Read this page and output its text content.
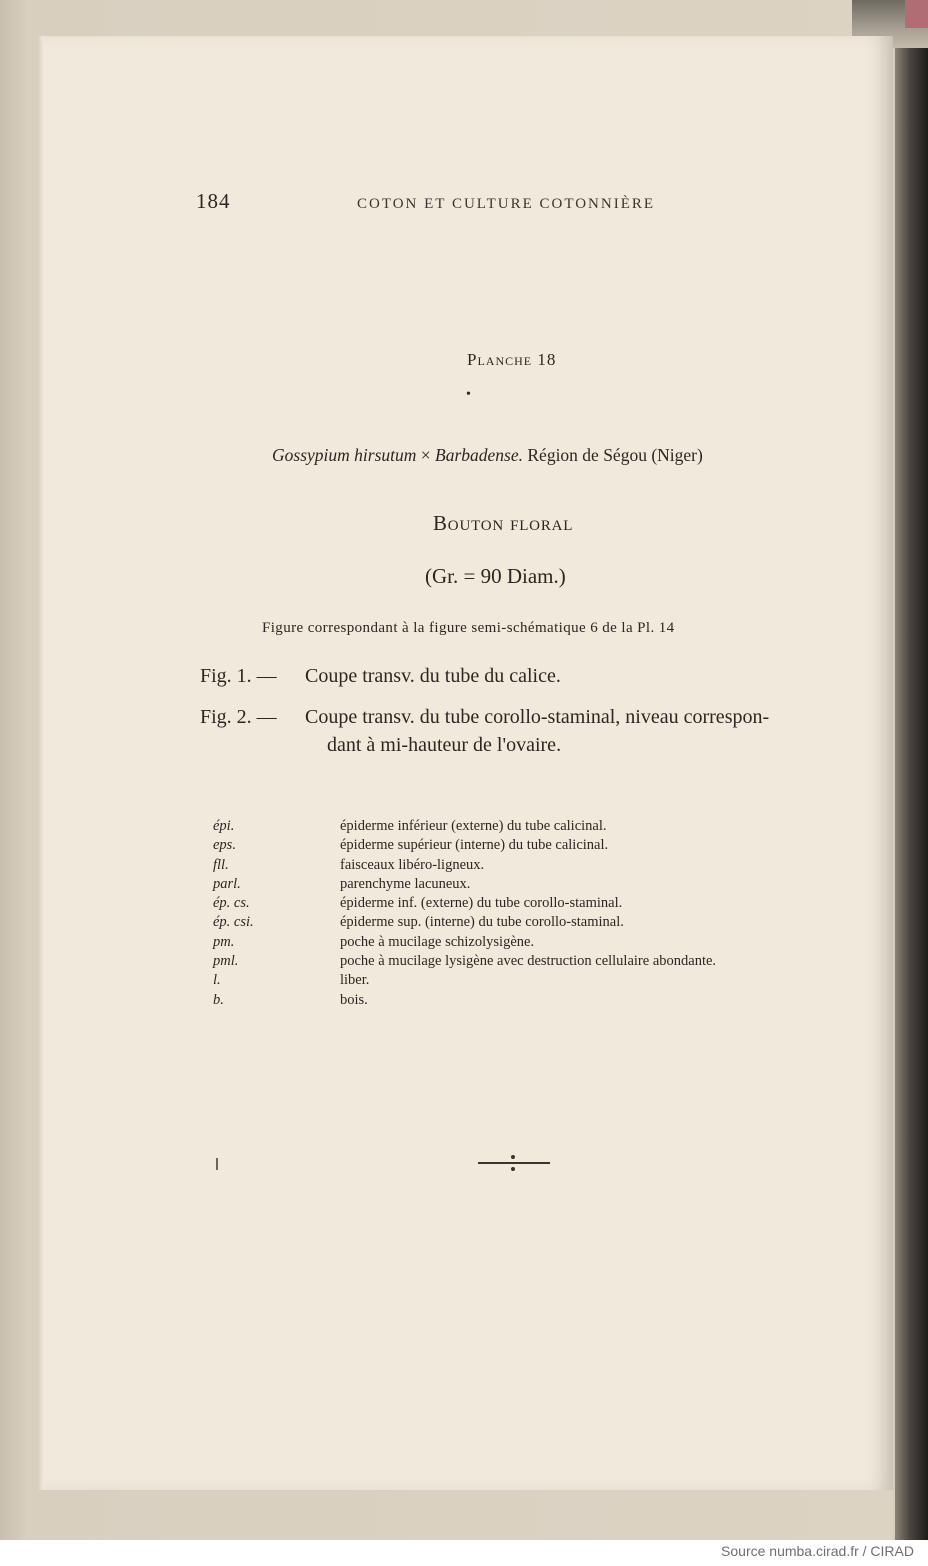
184	COTON ET CULTURE COTONNIÈRE
Planche 18
•
Gossypium hirsutum × Barbadense. Région de Ségou (Niger)
Bouton floral
(Gr. = 90 Diam.)
Figure correspondant à la figure semi-schématique 6 de la Pl. 14
Fig. 1. — Coupe transv. du tube du calice.
Fig. 2. — Coupe transv. du tube corollo-staminal, niveau correspon-
dant à mi-hauteur de l'ovaire.
épi.	épiderme inférieur (externe) du tube calicinal.
eps.	épiderme supérieur (interne) du tube calicinal.
fll.	faisceaux libéro-ligneux.
parl.	parenchyme lacuneux.
ép. cs.	épiderme inf. (externe) du tube corollo-staminal.
ép. csi.	épiderme sup. (interne) du tube corollo-staminal.
pm.	poche à mucilage schizolysigène.
pml.	poche à mucilage lysigène avec destruction cellulaire abondante.
l.	liber.
b.	bois.
Source numba.cirad.fr / CIRAD
